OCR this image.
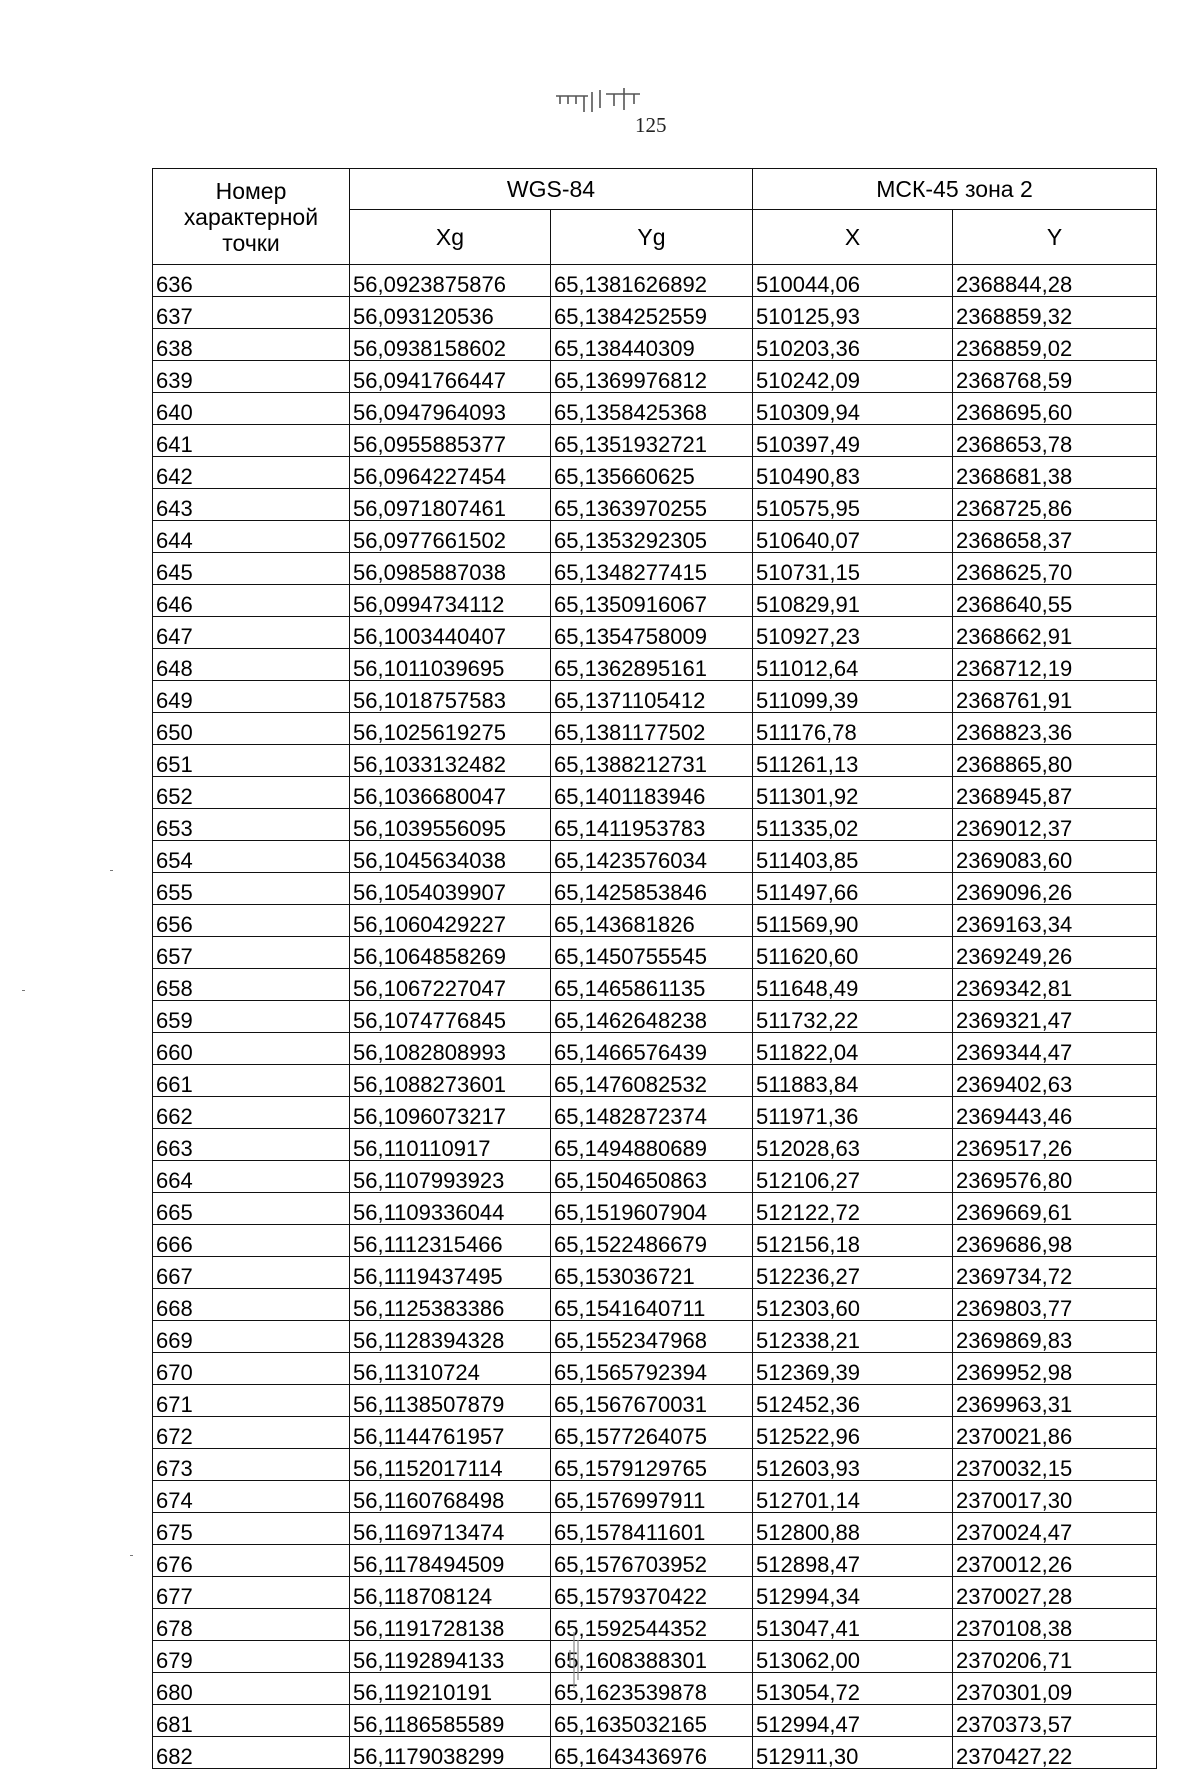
125
Номер характерной точки	WGS-84		МСК-45 зона 2	
	Xg	Yg	X	Y
636	56,0923875876	65,1381626892	510044,06	2368844,28
637	56,093120536	65,1384252559	510125,93	2368859,32
638	56,0938158602	65,138440309	510203,36	2368859,02
639	56,0941766447	65,1369976812	510242,09	2368768,59
640	56,0947964093	65,1358425368	510309,94	2368695,60
641	56,0955885377	65,1351932721	510397,49	2368653,78
642	56,0964227454	65,135660625	510490,83	2368681,38
643	56,0971807461	65,1363970255	510575,95	2368725,86
644	56,0977661502	65,1353292305	510640,07	2368658,37
645	56,0985887038	65,1348277415	510731,15	2368625,70
646	56,0994734112	65,1350916067	510829,91	2368640,55
647	56,1003440407	65,1354758009	510927,23	2368662,91
648	56,1011039695	65,1362895161	511012,64	2368712,19
649	56,1018757583	65,1371105412	511099,39	2368761,91
650	56,1025619275	65,1381177502	511176,78	2368823,36
651	56,1033132482	65,1388212731	511261,13	2368865,80
652	56,1036680047	65,1401183946	511301,92	2368945,87
653	56,1039556095	65,1411953783	511335,02	2369012,37
654	56,1045634038	65,1423576034	511403,85	2369083,60
655	56,1054039907	65,1425853846	511497,66	2369096,26
656	56,1060429227	65,143681826	511569,90	2369163,34
657	56,1064858269	65,1450755545	511620,60	2369249,26
658	56,1067227047	65,1465861135	511648,49	2369342,81
659	56,1074776845	65,1462648238	511732,22	2369321,47
660	56,1082808993	65,1466576439	511822,04	2369344,47
661	56,1088273601	65,1476082532	511883,84	2369402,63
662	56,1096073217	65,1482872374	511971,36	2369443,46
663	56,110110917	65,1494880689	512028,63	2369517,26
664	56,1107993923	65,1504650863	512106,27	2369576,80
665	56,1109336044	65,1519607904	512122,72	2369669,61
666	56,1112315466	65,1522486679	512156,18	2369686,98
667	56,1119437495	65,153036721	512236,27	2369734,72
668	56,1125383386	65,1541640711	512303,60	2369803,77
669	56,1128394328	65,1552347968	512338,21	2369869,83
670	56,11310724	65,1565792394	512369,39	2369952,98
671	56,1138507879	65,1567670031	512452,36	2369963,31
672	56,1144761957	65,1577264075	512522,96	2370021,86
673	56,1152017114	65,1579129765	512603,93	2370032,15
674	56,1160768498	65,1576997911	512701,14	2370017,30
675	56,1169713474	65,1578411601	512800,88	2370024,47
676	56,1178494509	65,1576703952	512898,47	2370012,26
677	56,118708124	65,1579370422	512994,34	2370027,28
678	56,1191728138	65,1592544352	513047,41	2370108,38
679	56,1192894133	65,1608388301	513062,00	2370206,71
680	56,119210191	65,1623539878	513054,72	2370301,09
681	56,1186585589	65,1635032165	512994,47	2370373,57
682	56,1179038299	65,1643436976	512911,30	2370427,22
